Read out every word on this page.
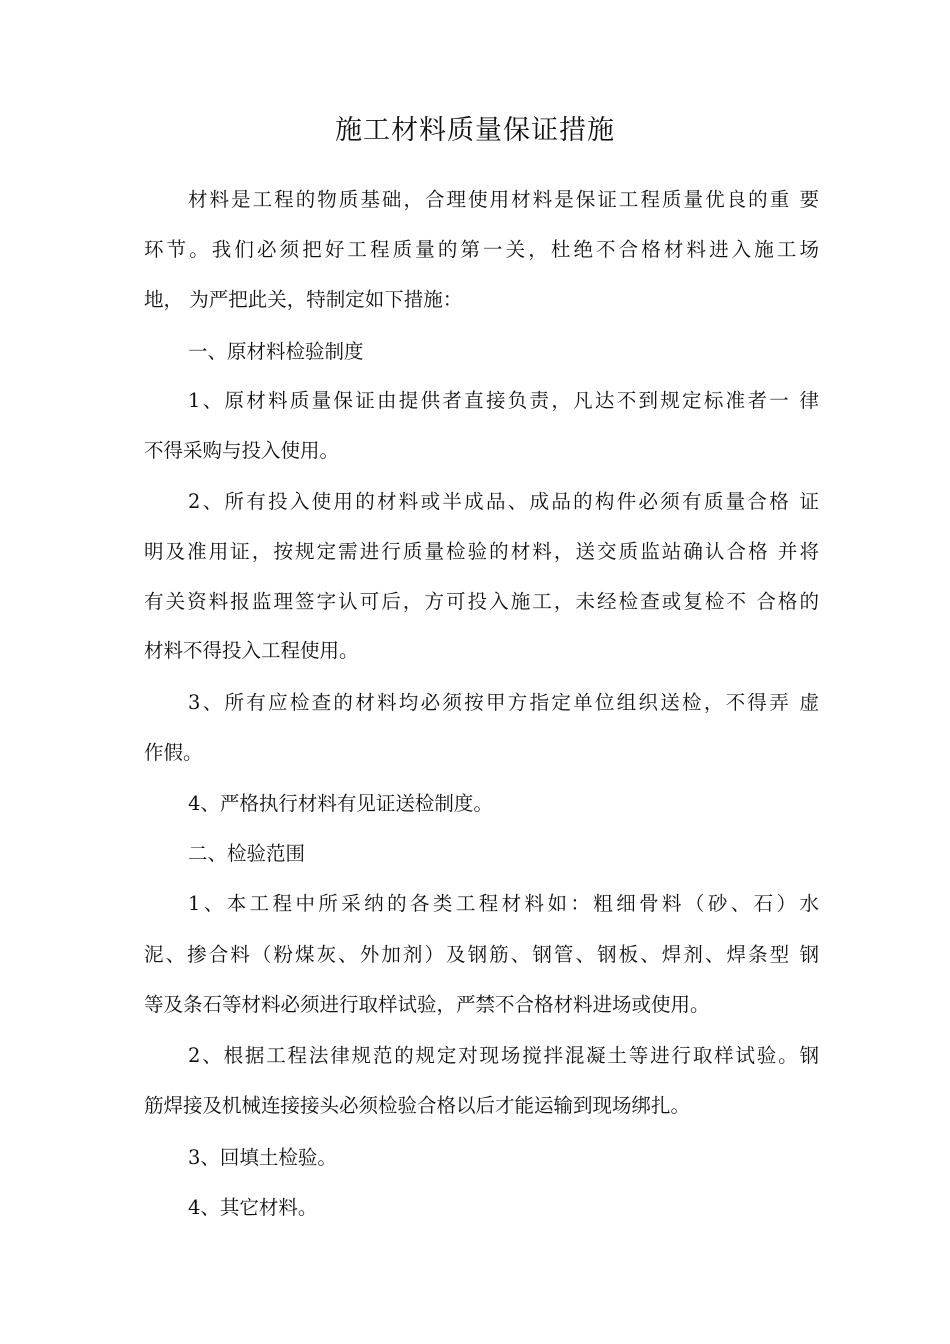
施工材料质量保证措施
材料是工程的物质基础，合理使用材料是保证工程质量优良的重 要
环节。我们必须把好工程质量的第一关，杜绝不合格材料进入施工场
地， 为严把此关，特制定如下措施：
一、原材料检验制度
1、原材料质量保证由提供者直接负责，凡达不到规定标准者一 律
不得采购与投入使用。
2、所有投入使用的材料或半成品、成品的构件必须有质量合格 证
明及准用证，按规定需进行质量检验的材料，送交质监站确认合格 并将
有关资料报监理签字认可后，方可投入施工，未经检查或复检不 合格的
材料不得投入工程使用。
3、所有应检查的材料均必须按甲方指定单位组织送检，不得弄 虚
作假。
4、严格执行材料有见证送检制度。
二、检验范围
1、本工程中所采纳的各类工程材料如：粗细骨料（砂、石）水
泥、掺合料（粉煤灰、外加剂）及钢筋、钢管、钢板、焊剂、焊条型 钢
等及条石等材料必须进行取样试验，严禁不合格材料进场或使用。
2、根据工程法律规范的规定对现场搅拌混凝土等进行取样试验。钢
筋焊接及机械连接接头必须检验合格以后才能运输到现场绑扎。
3、回填土检验。
4、其它材料。
